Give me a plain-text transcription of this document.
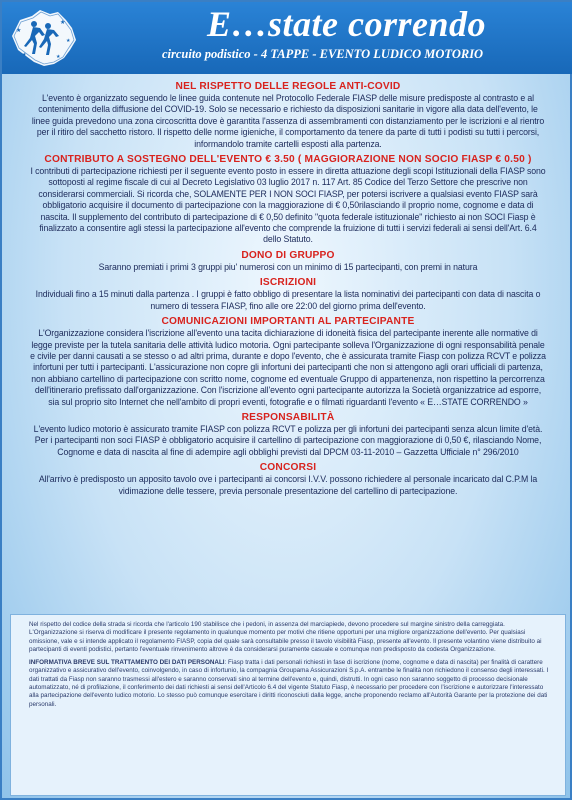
★
★
★
★	★
E…state correndo
circuito podistico - 4 TAPPE - EVENTO LUDICO MOTORIO

NEL RISPETTO DELLE REGOLE ANTI-COVID

L'evento è organizzato seguendo le linee guida contenute nel Protocollo Federale FIASP delle misure predisposte al contrasto e al contenimento della diffusione del COVID-19. Solo se necessario e richiesto da disposizioni sanitarie in vigore alla data dell'evento, le linee guida prevedono una zona circoscritta dove è garantita l'assenza di assembramenti con distanziamento per le iscrizioni e al rientro per il ritiro del sacchetto ristoro. Il rispetto delle norme igieniche, il comportamento da tenere da parte di tutti i podisti su tutti i percorsi, informandolo tramite cartelli esposti alla partenza.

CONTRIBUTO A SOSTEGNO DELL'EVENTO € 3.50 ( MAGGIORAZIONE NON SOCIO FIASP € 0.50 )

I contributi di partecipazione richiesti per il seguente evento posto in essere in diretta attuazione degli scopi Istituzionali della FIASP sono sottoposti al regime fiscale di cui al Decreto Legislativo 03 luglio 2017 n. 117 Art. 85 Codice del Terzo Settore che prescrive non considerarsi commerciali. Si ricorda che, SOLAMENTE PER I NON SOCI FIASP, per potersi iscrivere a qualsiasi evento FIASP sarà obbligatorio acquisire il documento di partecipazione con la maggiorazione di € 0,50rilasciando il proprio nome, cognome e data di nascita. Il supplemento del contributo di partecipazione di € 0,50 definito "quota federale istituzionale" richiesto ai non SOCI Fiasp è finalizzato a consentire agli stessi la partecipazione all'evento che comprende la fruizione di tutti i servizi federali ai sensi dell'Art. 6.4 dello Statuto.

DONO DI GRUPPO

Saranno premiati i primi 3 gruppi piu' numerosi con un minimo di 15 partecipanti, con premi in natura

ISCRIZIONI

Individuali fino a 15 minuti dalla partenza . I gruppi è fatto obbligo di presentare la lista nominativi dei partecipanti con data di nascita o numero di tessera FIASP, fino alle ore 22:00 del giorno prima dell'evento.

COMUNICAZIONI IMPORTANTI AL PARTECIPANTE

L'Organizzazione considera l'iscrizione all'evento una tacita dichiarazione di idoneità fisica del partecipante inerente alle normative di legge previste per la tutela sanitaria delle attività ludico motoria. Ogni partecipante solleva l'Organizzazione di ogni responsabilità penale e civile per danni causati a se stesso o ad altri prima, durante e dopo l'evento, che è assicurata tramite Fiasp con polizza RCVT e polizza infortuni per tutti i partecipanti. L'assicurazione non copre gli infortuni dei partecipanti che non si attengono agli orari ufficiali di partenza, non abbiano cartellino di partecipazione con scritto nome, cognome ed eventuale Gruppo di appartenenza, non rispettino la percorrenza dell'itinerario prefissato dall'organizzazione. Con l'iscrizione all'evento ogni partecipante autorizza la Società organizzatrice ad esporre, sia sul proprio sito Internet che nell'ambito di propri eventi, fotografie e o filmati riguardanti l'evento « E…STATE CORRENDO »

RESPONSABILITÀ

L'evento ludico motorio è assicurato tramite FIASP con polizza RCVT e polizza per gli infortuni dei partecipanti senza alcun limite d'età. Per i partecipanti non soci FIASP è obbligatorio acquisire il cartellino di partecipazione con maggiorazione di 0,50 €, rilasciando Nome, Cognome e data di nascita al fine di adempire agli obblighi previsti dal DPCM 03-11-2010 – Gazzetta Ufficiale n° 296/2010

CONCORSI

All'arrivo è predisposto un apposito tavolo ove i partecipanti ai concorsi I.V.V. possono richiedere al personale incaricato dal C.P.M la vidimazione delle tessere, previa personale presentazione del cartellino di partecipazione.

Nel rispetto del codice della strada si ricorda che l'articolo 190 stabilisce che i pedoni, in assenza del marciapiede, devono procedere sul margine sinistro della carreggiata. L'Organizzazione si riserva di modificare il presente regolamento in qualunque momento per motivi che ritiene opportuni per una migliore organizzazione dell'evento. Per qualsiasi omissione, vale e si intende applicato il regolamento FIASP, copia del quale sarà consultabile presso il tavolo visibilità Fiasp, presente all'evento. Il presente volantino viene distribuito ai partecipanti di eventi podistici, pertanto l'eventuale rinvenimento altrove è da considerarsi puramente casuale e comunque non predisposto da codesta Organizzazione.

INFORMATIVA BREVE SUL TRATTAMENTO DEI DATI PERSONALI: Fiasp tratta i dati personali richiesti in fase di iscrizione (nome, cognome e data di nascita) per finalità di carattere organizzativo e assicurativo dell'evento, coinvolgendo, in caso di infortunio, la compagnia Groupama Assicurazioni S.p.A. entrambe le finalità non richiedono il consenso degli interessati. I dati trattati da Fiasp non saranno trasmessi all'estero e saranno conservati sino al termine dell'evento e, quindi, distrutti. In ogni caso non saranno soggetto di processo decisionale automatizzato, né di profilazione, il conferimento dei dati richiesti ai sensi dell'Articolo 6.4 del vigente Statuto Fiasp, è necessario per procedere con l'iscrizione e autorizzare l'interessato alla partecipazione dell'evento ludico motorio. Lo stesso può comunque esercitare i diritti riconosciuti dalla legge, anche proponendo reclamo all'Autorità Garante per la protezione dei dati personali.
